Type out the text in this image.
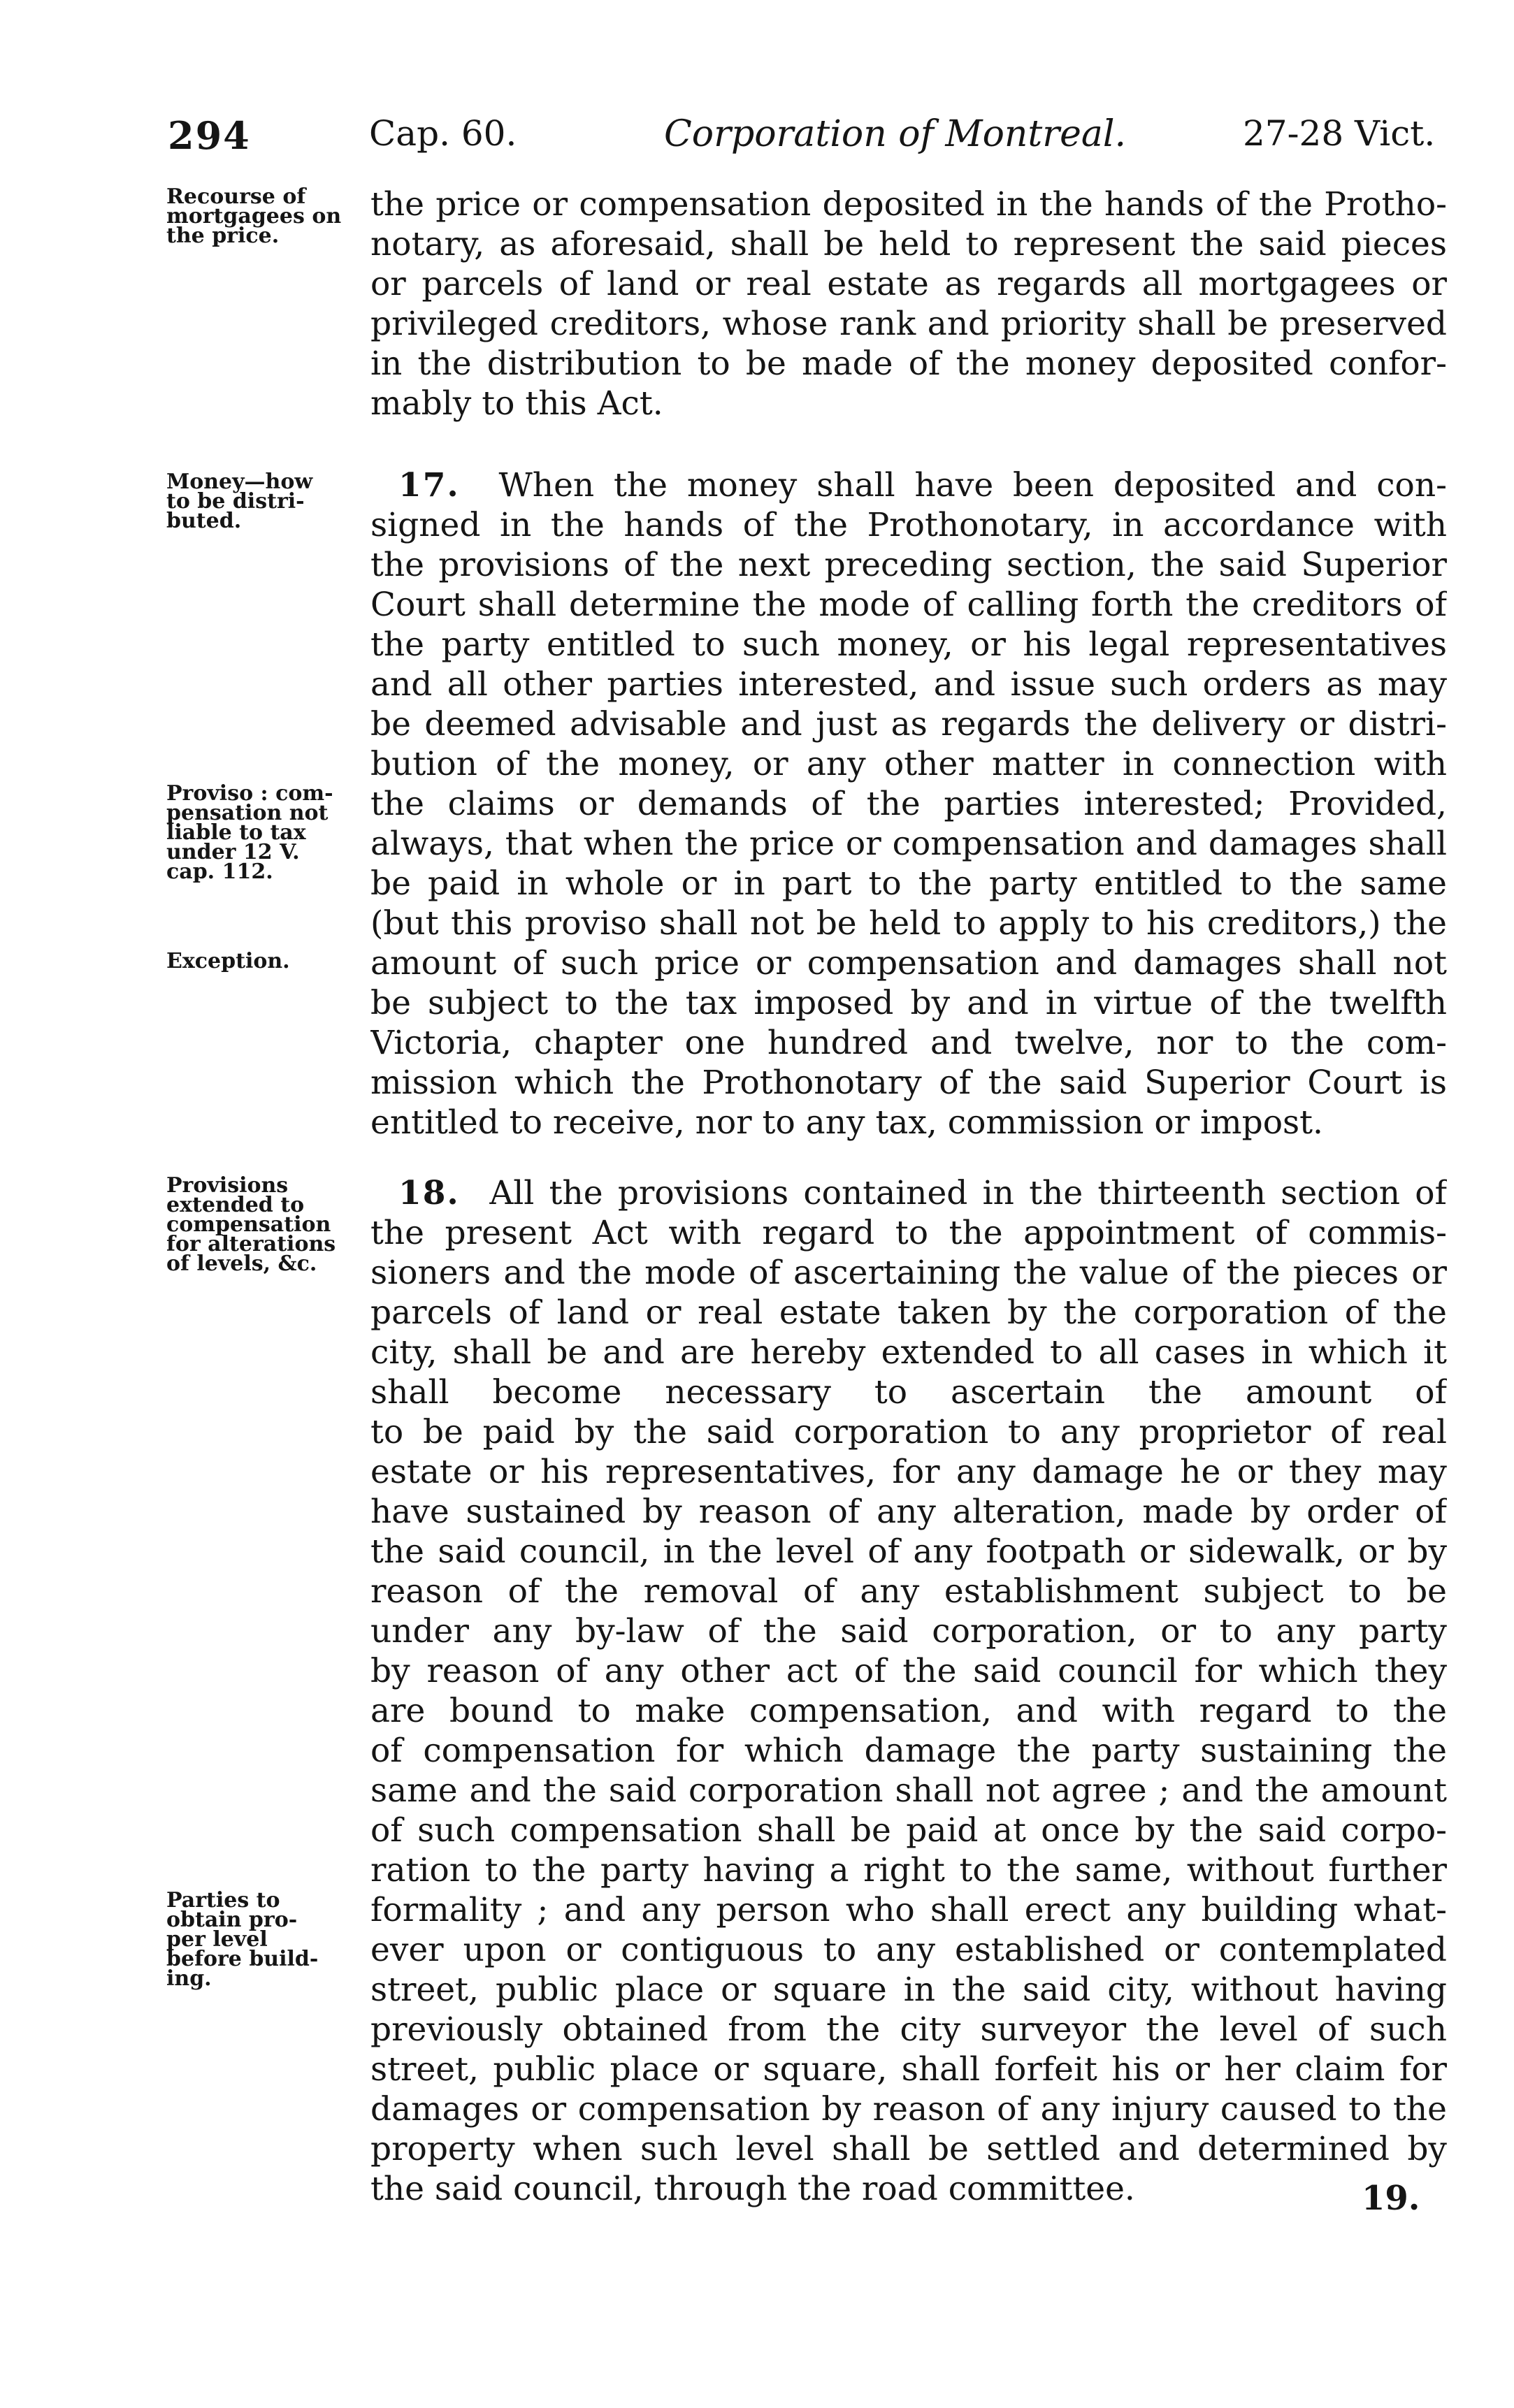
294	Cap. 60.	Corporation of Montreal.	27-28 Vict.
Recourse of
mortgagees on
the price.
Money—how
to be distri-
buted.
Proviso : com-
pensation not
liable to tax
under 12 V.
cap. 112.
Exception.
Provisions
extended to
compensation
for alterations
of levels, &c.
Parties to
obtain pro-
per level
before build-
ing.
the price or compensation deposited in the hands of the Protho-
notary, as aforesaid, shall be held to represent the said pieces
or parcels of land or real estate as regards all mortgagees or
privileged creditors, whose rank and priority shall be preserved
in the distribution to be made of the money deposited confor-
mably to this Act.
17. When the money shall have been deposited and con-
signed in the hands of the Prothonotary, in accordance with
the provisions of the next preceding section, the said Superior
Court shall determine the mode of calling forth the creditors of
the party entitled to such money, or his legal representatives
and all other parties interested, and issue such orders as may
be deemed advisable and just as regards the delivery or distri-
bution of the money, or any other matter in connection with
the claims or demands of the parties interested; Provided,
always, that when the price or compensation and damages shall
be paid in whole or in part to the party entitled to the same
(but this proviso shall not be held to apply to his creditors,) the
amount of such price or compensation and damages shall not
be subject to the tax imposed by and in virtue of the twelfth
Victoria, chapter one hundred and twelve, nor to the com-
mission which the Prothonotary of the said Superior Court is
entitled to receive, nor to any tax, commission or impost.
18. All the provisions contained in the thirteenth section of
the present Act with regard to the appointment of commis-
sioners and the mode of ascertaining the value of the pieces or
parcels of land or real estate taken by the corporation of the
city, shall be and are hereby extended to all cases in which it
shall become necessary to ascertain the amount of
to be paid by the said corporation to any proprietor of real
estate or his representatives, for any damage he or they may
have sustained by reason of any alteration, made by order of
the said council, in the level of any footpath or sidewalk, or by
reason of the removal of any establishment subject to be
under any by-law of the said corporation, or to any party
by reason of any other act of the said council for which they
are bound to make compensation, and with regard to the
of compensation for which damage the party sustaining the
same and the said corporation shall not agree ; and the amount
of such compensation shall be paid at once by the said corpo-
ration to the party having a right to the same, without further
formality ; and any person who shall erect any building what-
ever upon or contiguous to any established or contemplated
street, public place or square in the said city, without having
previously obtained from the city surveyor the level of such
street, public place or square, shall forfeit his or her claim for
damages or compensation by reason of any injury caused to the
property when such level shall be settled and determined by
the said council, through the road committee.	19.
